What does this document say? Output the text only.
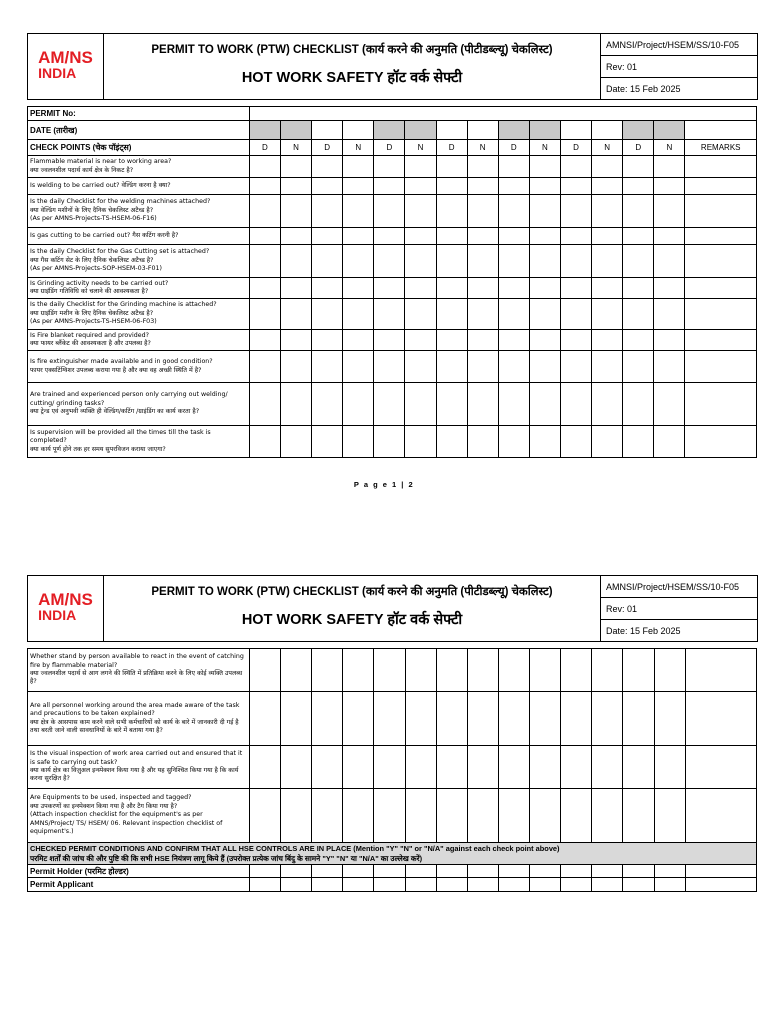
AM/NS
INDIA	
PERMIT TO WORK (PTW) CHECKLIST (कार्य करने की अनुमति (पीटीडब्ल्यू) चेकलिस्ट)
HOT WORK SAFETY हॉट वर्क सेफ्टी
	AMNSI/Project/HSEM/SS/10-F05
Rev: 01
Date: 15 Feb 2025
PERMIT No:															
DATE (तारीख)															
CHECK POINTS (चेक पॉइंट्स)	D	N	D	N	D	N	D	N	D	N	D	N	D	N	REMARKS
Flammable material is near to working area?
क्या ज्वलनशील पदार्थ कार्य क्षेत्र के निकट है?															
Is welding to be carried out? वेल्डिंग करना है क्या?															
Is the daily Checklist for the welding machines attached?
क्या वेल्डिंग मशीनों के लिए दैनिक चेकलिस्ट अटैच्ड है?
(As per AMNS-Projects-TS-HSEM-06-F16)															
Is gas cutting to be carried out? गैस कटिंग करनी है?															
Is the daily Checklist for the Gas Cutting set is attached?
क्या गैस कटिंग सेट के लिए दैनिक चेकलिस्ट अटैच्ड है?
(As per AMNS-Projects-SOP-HSEM-03-F01)															
Is Grinding activity needs to be carried out?
क्या ग्राइंडिंग गतिविधि को चलाने की आवश्यकता है?															
Is the daily Checklist for the Grinding machine is attached?
क्या ग्राइंडिंग मशीन के लिए दैनिक चेकलिस्ट अटैच्ड है?
(As per AMNS-Projects-TS-HSEM-06-F03)															
Is Fire blanket required and provided?
क्या फायर ब्लैंकेट की आवश्यकता है और उपलब्ध है?															
Is fire extinguisher made available and in good condition?
फायर एक्सटिंग्विशर उपलब्ध कराया गया है और क्या वह अच्छी स्थिति में है?															
Are trained and experienced person only carrying out welding/ cutting/ grinding tasks?
क्या ट्रेन्ड एवं अनुभवी व्यक्ति ही वेल्डिंग/कटिंग /ग्राइंडिंग का कार्य करता है?															
Is supervision will be provided all the times till the task is completed?
क्या कार्य पूर्ण होने तक हर समय सुपरविजन कराया जाएगा?															
P a g e 1 | 2
AM/NS
INDIA	
PERMIT TO WORK (PTW) CHECKLIST (कार्य करने की अनुमति (पीटीडब्ल्यू) चेकलिस्ट)
HOT WORK SAFETY हॉट वर्क सेफ्टी
	AMNSI/Project/HSEM/SS/10-F05
Rev: 01
Date: 15 Feb 2025
Whether stand by person available to react in the event of catching fire by flammable material?
क्या ज्वलनशील पदार्थ से आग लगने की स्थिति में प्रतिक्रिया करने के लिए कोई व्यक्ति उपलब्ध है?															
Are all personnel working around the area made aware of the task and precautions to be taken explained?
क्या क्षेत्र के आसपास काम करने वाले सभी कर्मचारियों को कार्य के बारे में जानकारी दी गई है तथा बरती जाने वाली सावधानियों के बारे में बताया गया है?															
Is the visual inspection of work area carried out and ensured that it is safe to carrying out task?
क्या कार्य क्षेत्र का विज़ुअल इन्स्पेक्शन किया गया है और यह सुनिश्चित किया गया है कि कार्य करना सुरक्षित है?															
Are Equipments to be used, inspected and tagged?
क्या उपकरणों का इन्स्पेक्शन किया गया है और टैग किया गया है?
(Attach inspection checklist for the equipment's as per AMNS/Project/ TS/ HSEM/ 06. Relevant inspection checklist of equipment's.)															
CHECKED PERMIT CONDITIONS AND CONFIRM THAT ALL HSE CONTROLS ARE IN PLACE (Mention "Y" "N" or "N/A" against each check point above)
परमिट शर्तों की जांच की और पुष्टि की कि सभी HSE नियंत्रण लागू किये हैं (उपरोक्त प्रत्येक जांच बिंदु के सामने "Y" "N" या "N/A" का उल्लेख करें)															
Permit Holder (परमिट होल्डर)															
Permit Applicant															
